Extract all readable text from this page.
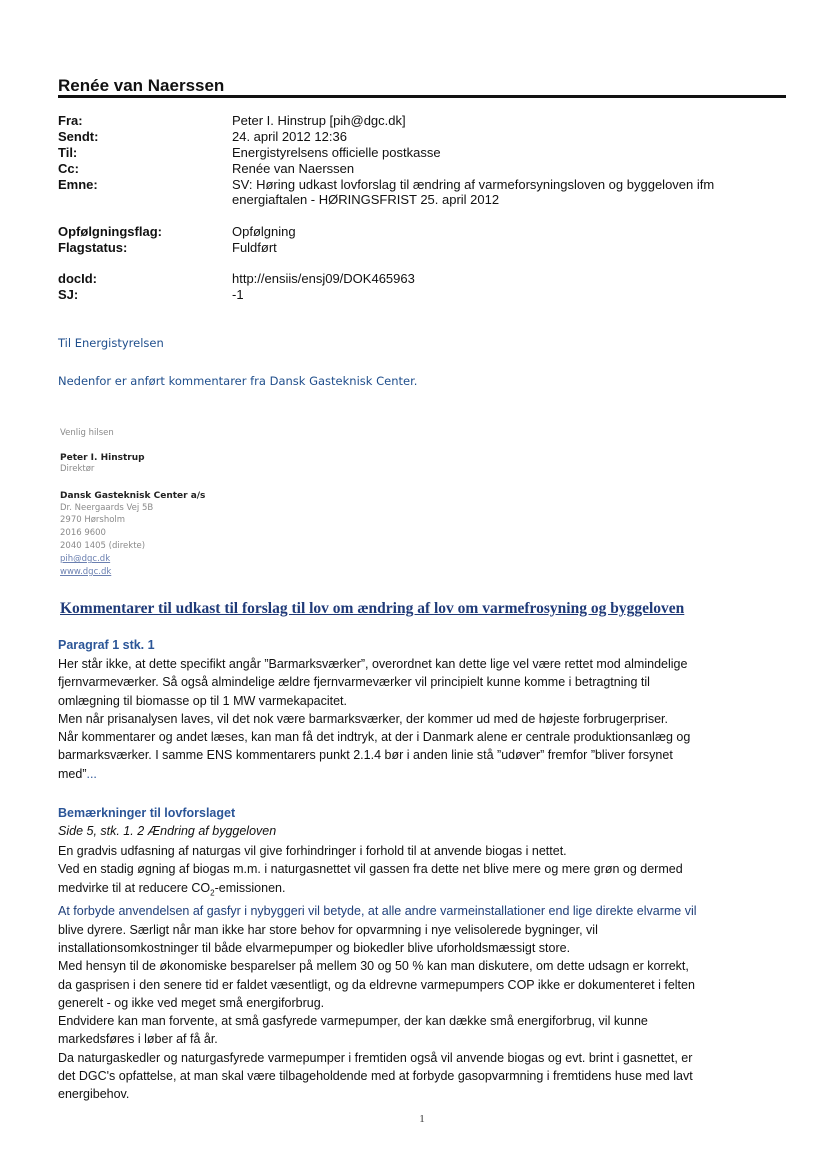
Renée van Naerssen
Fra:	Peter I. Hinstrup [pih@dgc.dk]
Sendt:	24. april 2012 12:36
Til:	Energistyrelsens officielle postkasse
Cc:	Renée van Naerssen
Emne:	SV: Høring udkast lovforslag til ændring af varmeforsyningsloven og byggeloven ifm energiaftalen - HØRINGSFRIST 25. april 2012
Opfølgningsflag:	Opfølgning
Flagstatus:	Fuldført
docId:	http://ensiis/ensj09/DOK465963
SJ:	-1
Til Energistyrelsen
Nedenfor er anført kommentarer fra Dansk Gasteknisk Center.
Venlig hilsen
Peter I. Hinstrup
Direktør
Dansk Gasteknisk Center a/s
Dr. Neergaards Vej 5B
2970 Hørsholm
2016 9600
2040 1405 (direkte)
pih@dgc.dk
www.dgc.dk
Kommentarer til udkast til forslag til lov om ændring af lov om varmefrosyning og byggeloven
Paragraf 1 stk. 1
Her står ikke, at dette specifikt angår ”Barmarksværker”, overordnet kan dette lige vel være rettet mod almindelige
fjernvarmeværker. Så også almindelige ældre fjernvarmeværker vil principielt kunne komme i betragtning til
omlægning til biomasse op til 1 MW varmekapacitet.
Men når prisanalysen laves, vil det nok være barmarksværker, der kommer ud med de højeste forbrugerpriser.
Når kommentarer og andet læses, kan man få det indtryk, at der i Danmark alene er centrale produktionsanlæg og
barmarksværker. I samme ENS kommentarers punkt 2.1.4 bør i anden linie stå ”udøver” fremfor ”bliver forsynet
med”...
Bemærkninger til lovforslaget
Side 5, stk. 1. 2 Ændring af byggeloven
En gradvis udfasning af naturgas vil give forhindringer i forhold til at anvende biogas i nettet.
Ved en stadig øgning af biogas m.m. i naturgasnettet vil gassen fra dette net blive mere og mere grøn og dermed
medvirke til at reducere $CO_2$-emissionen.
At forbyde anvendelsen af gasfyr i nybyggeri vil betyde, at alle andre varmeinstallationer end lige direkte elvarme vil
blive dyrere. Særligt når man ikke har store behov for opvarmning i nye velisolerede bygninger, vil
installationsomkostninger til både elvarmepumper og biokedler blive uforholdsmæssigt store.
Med hensyn til de økonomiske besparelser på mellem 30 og 50 % kan man diskutere, om dette udsagn er korrekt,
da gasprisen i den senere tid er faldet væsentligt, og da eldrevne varmepumpers COP ikke er dokumenteret i felten
generelt - og ikke ved meget små energiforbrug.
Endvidere kan man forvente, at små gasfyrede varmepumper, der kan dække små energiforbrug, vil kunne
markedsføres i løber af få år.
Da naturgaskedler og naturgasfyrede varmepumper i fremtiden også vil anvende biogas og evt. brint i gasnettet, er
det DGC's opfattelse, at man skal være tilbageholdende med at forbyde gasopvarmning i fremtidens huse med lavt
energibehov.
1
